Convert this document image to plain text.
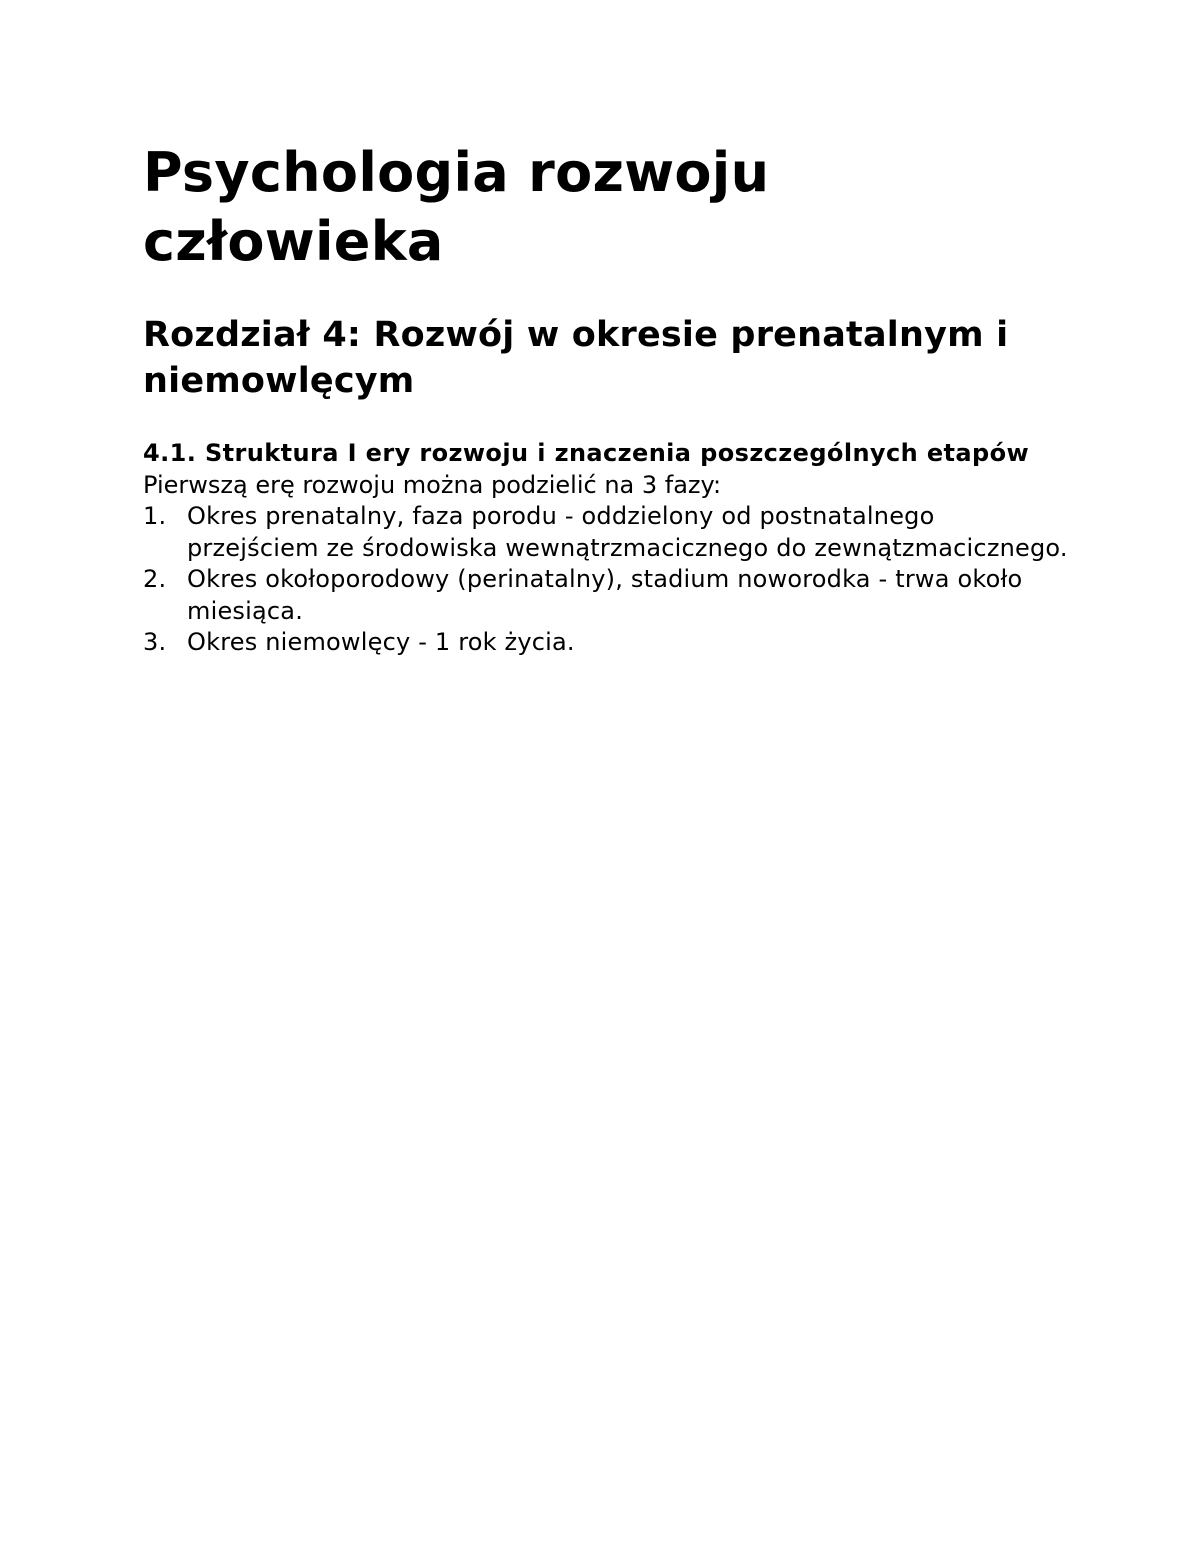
Psychologia rozwoju człowieka
Rozdział 4: Rozwój w okresie prenatalnym i niemowlęcym
4.1. Struktura I ery rozwoju i znaczenia poszczególnych etapów

Pierwszą erę rozwoju można podzielić na 3 fazy:

1. Okres prenatalny, faza porodu - oddzielony od postnatalnego przejściem ze środowiska wewnątrzmacicznego do zewnątzmacicznego.
2. Okres okołoporodowy (perinatalny), stadium noworodka - trwa około miesiąca.
3. Okres niemowlęcy - 1 rok życia.
